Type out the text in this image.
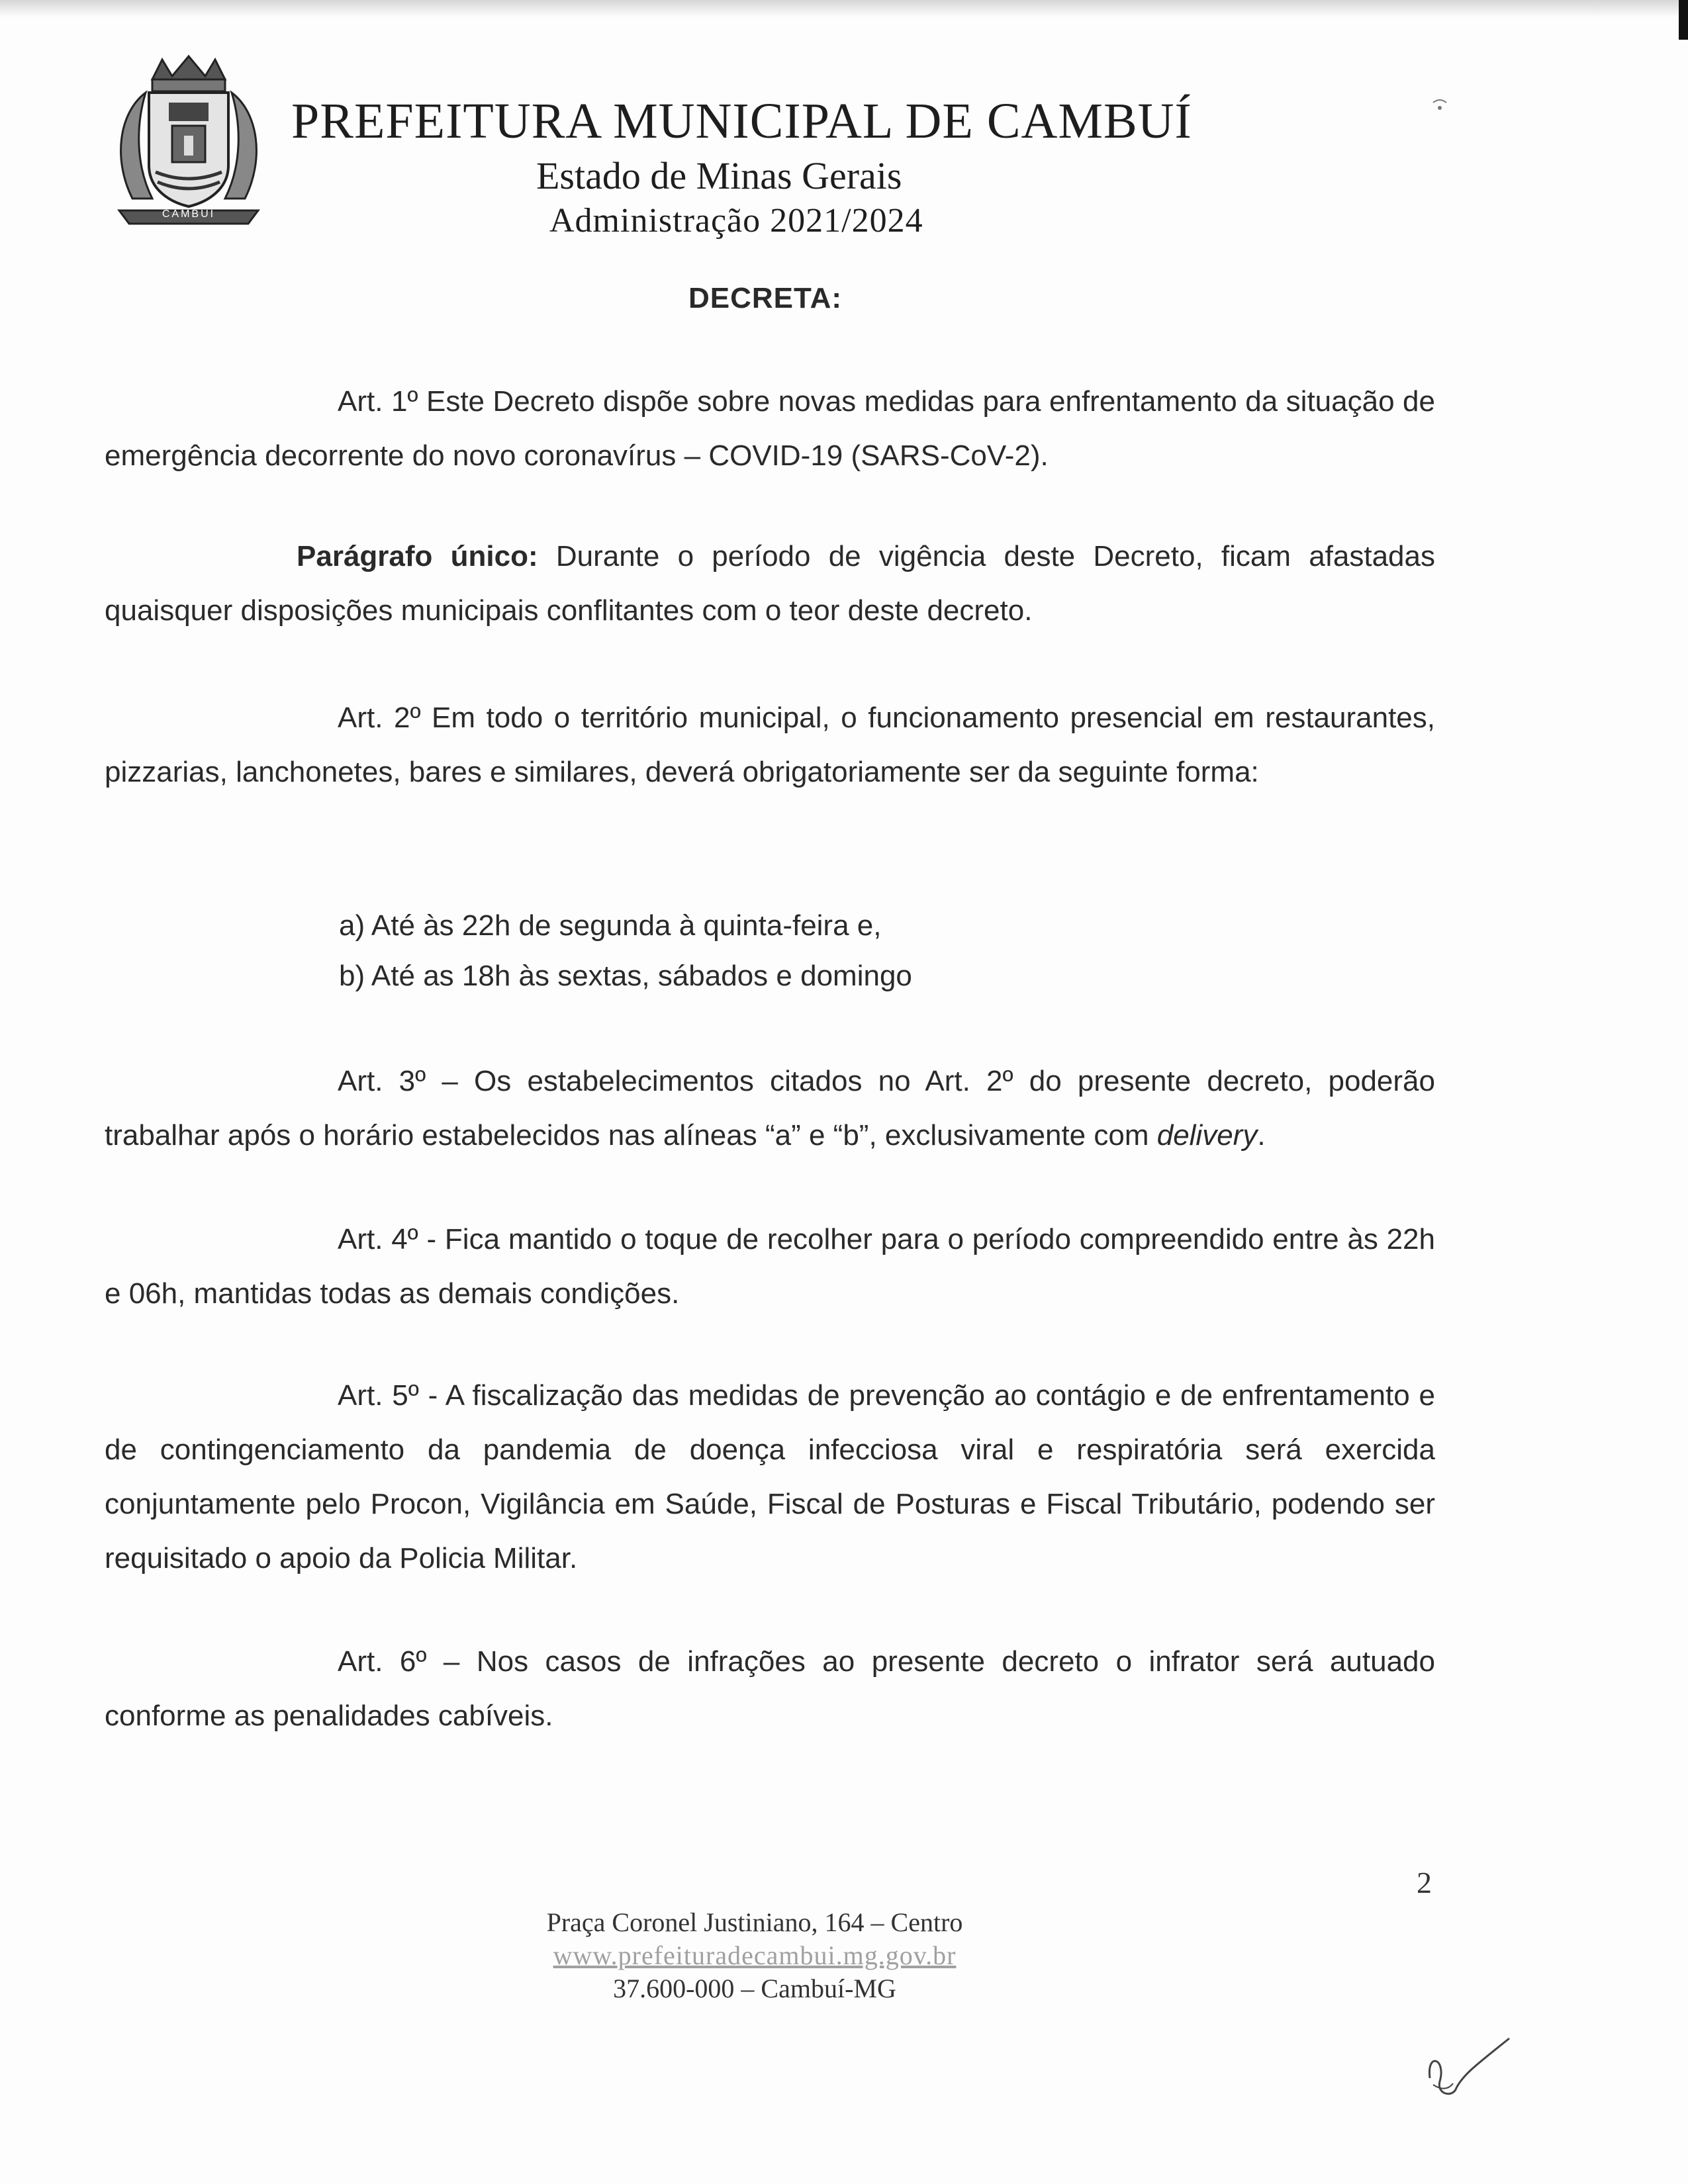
CAMBUÍ
PREFEITURA MUNICIPAL DE CAMBUÍ
Estado de Minas Gerais
Administração 2021/2024
DECRETA:

Art. 1º Este Decreto dispõe sobre novas medidas para enfrentamento da situação de emergência decorrente do novo coronavírus – COVID-19 (SARS-CoV-2).

Parágrafo único: Durante o período de vigência deste Decreto, ficam afastadas quaisquer disposições municipais conflitantes com o teor deste decreto.

Art. 2º Em todo o território municipal, o funcionamento presencial em restaurantes, pizzarias, lanchonetes, bares e similares, deverá obrigatoriamente ser da seguinte forma:

a) Até às 22h de segunda à quinta-feira e,
b) Até as 18h às sextas, sábados e domingo

Art. 3º – Os estabelecimentos citados no Art. 2º do presente decreto, poderão trabalhar após o horário estabelecidos nas alíneas “a” e “b”, exclusivamente com delivery.

Art. 4º - Fica mantido o toque de recolher para o período compreendido entre às 22h e 06h, mantidas todas as demais condições.

Art. 5º - A fiscalização das medidas de prevenção ao contágio e de enfrentamento e de contingenciamento da pandemia de doença infecciosa viral e respiratória será exercida conjuntamente pelo Procon, Vigilância em Saúde, Fiscal de Posturas e Fiscal Tributário, podendo ser requisitado o apoio da Policia Militar.

Art. 6º – Nos casos de infrações ao presente decreto o infrator será autuado conforme as penalidades cabíveis.

2
Praça Coronel Justiniano, 164 – Centro
www.prefeituradecambui.mg.gov.br
37.600-000 – Cambuí-MG
